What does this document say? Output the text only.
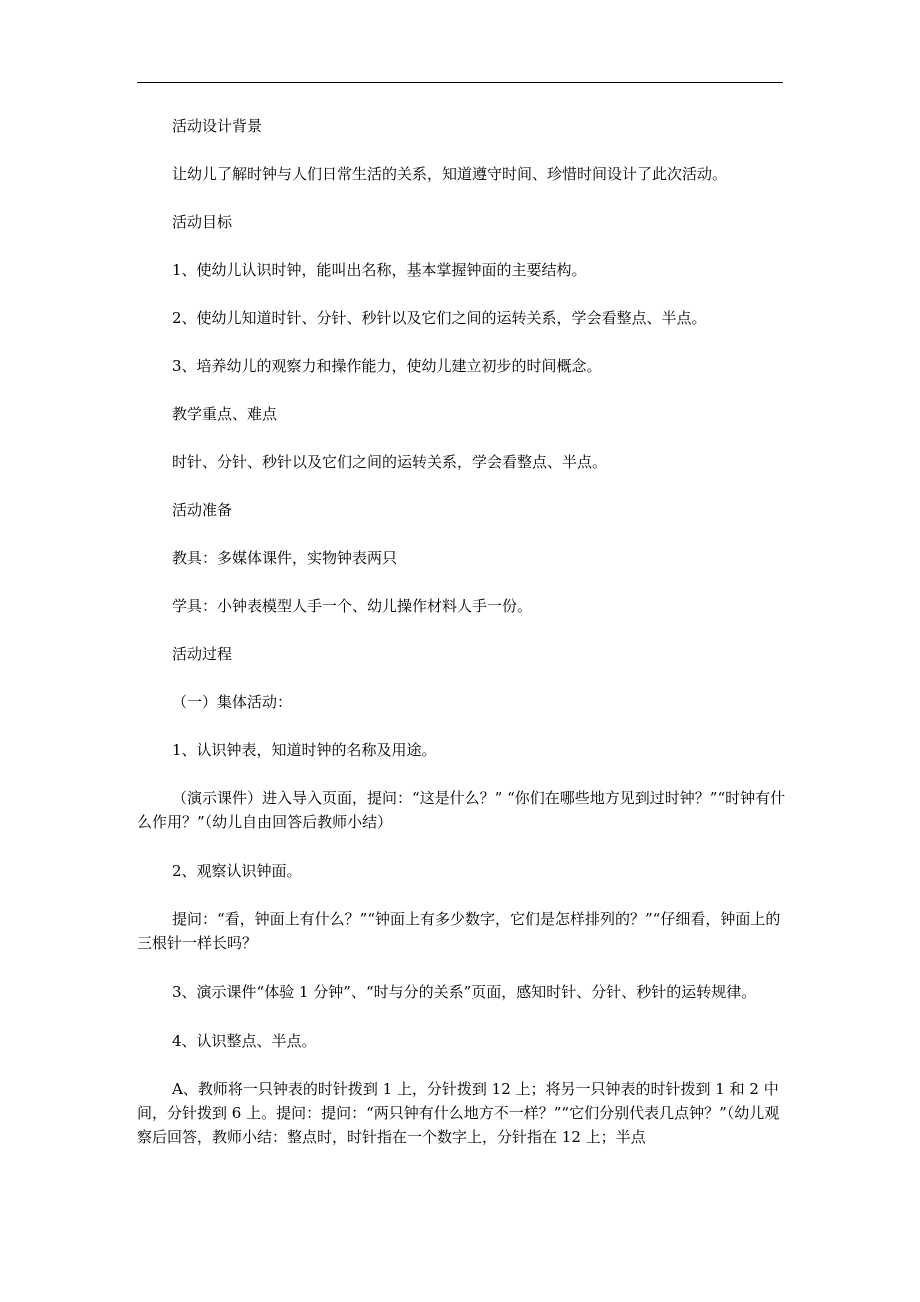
活动设计背景

让幼儿了解时钟与人们日常生活的关系，知道遵守时间、珍惜时间设计了此次活动。

活动目标

1、使幼儿认识时钟，能叫出名称，基本掌握钟面的主要结构。

2、使幼儿知道时针、分针、秒针以及它们之间的运转关系，学会看整点、半点。

3、培养幼儿的观察力和操作能力，使幼儿建立初步的时间概念。

教学重点、难点

时针、分针、秒针以及它们之间的运转关系，学会看整点、半点。

活动准备

教具：多媒体课件，实物钟表两只

学具：小钟表模型人手一个、幼儿操作材料人手一份。

活动过程

（一）集体活动：

1、认识钟表，知道时钟的名称及用途。

（演示课件）进入导入页面，提问：“这是什么？” “你们在哪些地方见到过时钟？”“时钟有什么作用？”（幼儿自由回答后教师小结）

2、观察认识钟面。

提问：“看，钟面上有什么？”“钟面上有多少数字，它们是怎样排列的？”“仔细看，钟面上的三根针一样长吗？

3、演示课件“体验 1 分钟”、“时与分的关系”页面，感知时针、分针、秒针的运转规律。

4、认识整点、半点。

A、教师将一只钟表的时针拨到 1 上，分针拨到 12 上；将另一只钟表的时针拨到 1 和 2 中间，分针拨到 6 上。提问：提问：“两只钟有什么地方不一样？”“它们分别代表几点钟？”（幼儿观察后回答，教师小结：整点时，时针指在一个数字上，分针指在 12 上；半点
